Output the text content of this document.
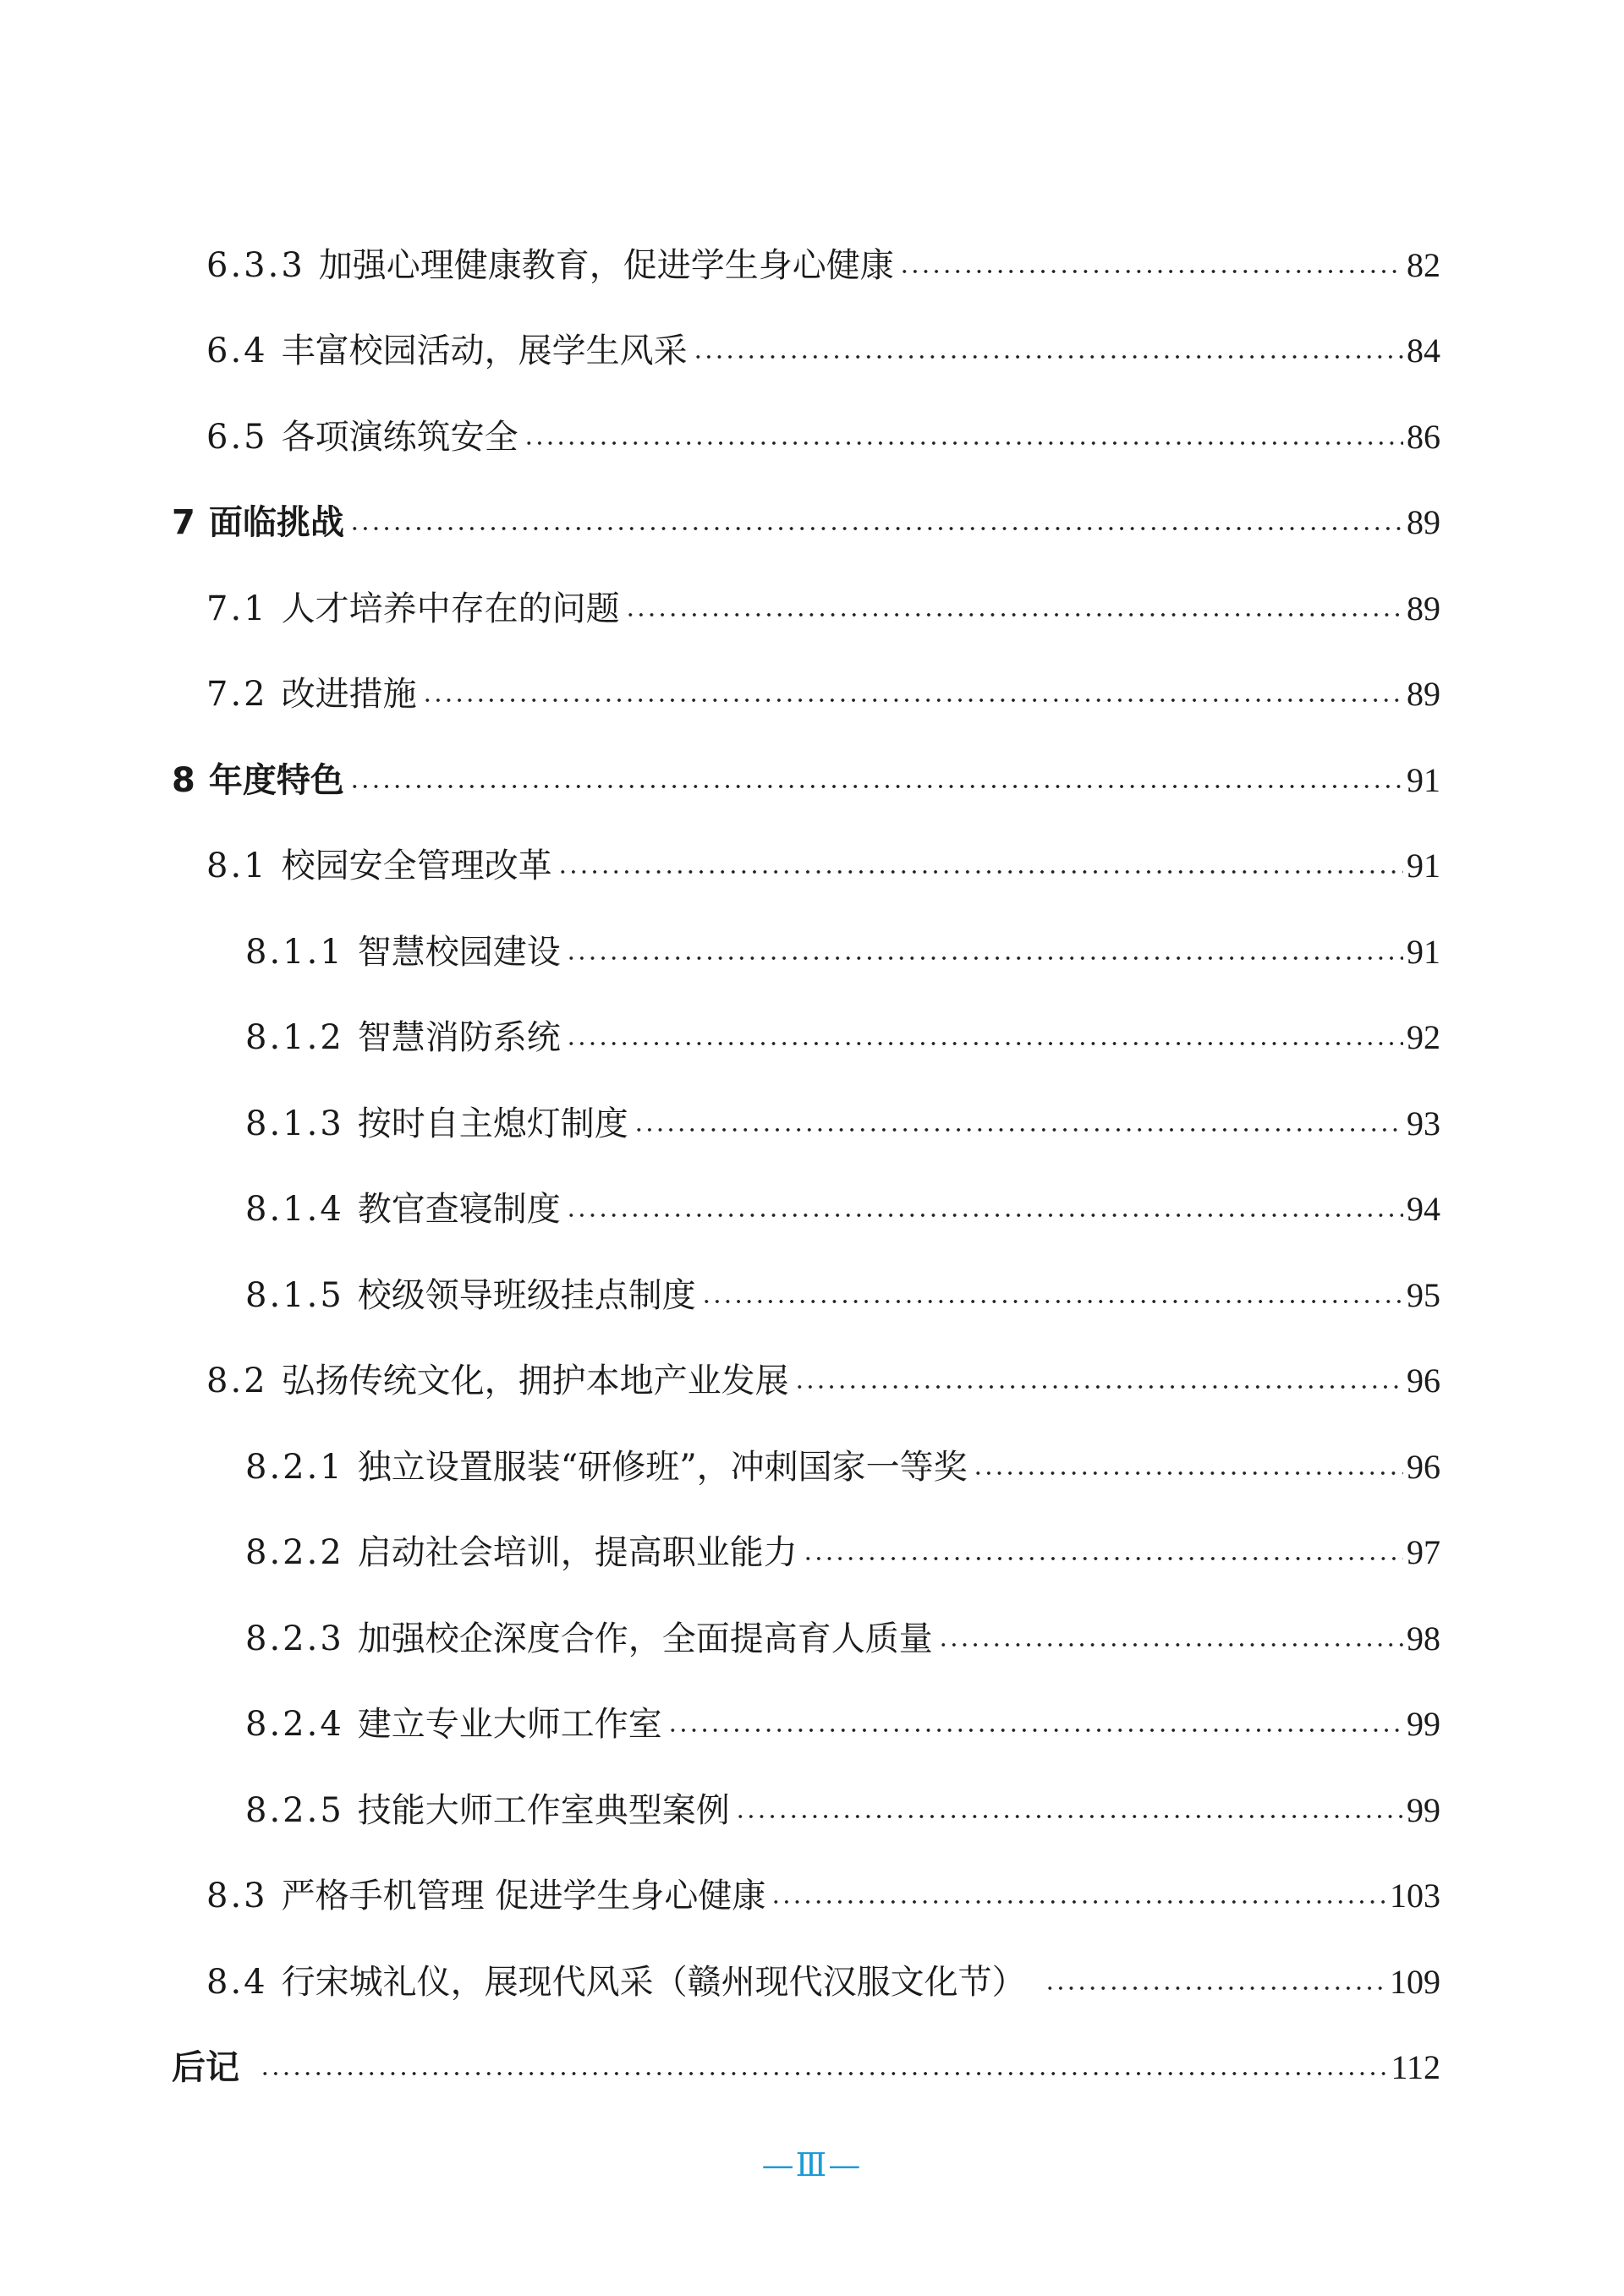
6.3.3 加强心理健康教育，促进学生身心健康	82
6.4 丰富校园活动，展学生风采	84
6.5 各项演练筑安全	86
7 面临挑战	89
7.1 人才培养中存在的问题	89
7.2 改进措施	89
8 年度特色	91
8.1 校园安全管理改革	91
8.1.1 智慧校园建设	91
8.1.2 智慧消防系统	92
8.1.3 按时自主熄灯制度	93
8.1.4 教官查寝制度	94
8.1.5 校级领导班级挂点制度	95
8.2 弘扬传统文化，拥护本地产业发展	96
8.2.1 独立设置服装“研修班”，冲刺国家一等奖	96
8.2.2 启动社会培训，提高职业能力	97
8.2.3 加强校企深度合作，全面提高育人质量	98
8.2.4 建立专业大师工作室	99
8.2.5 技能大师工作室典型案例	99
8.3 严格手机管理 促进学生身心健康	103
8.4 行宋城礼仪，展现代风采（赣州现代汉服文化节）	109
后记	112
—Ⅲ—
